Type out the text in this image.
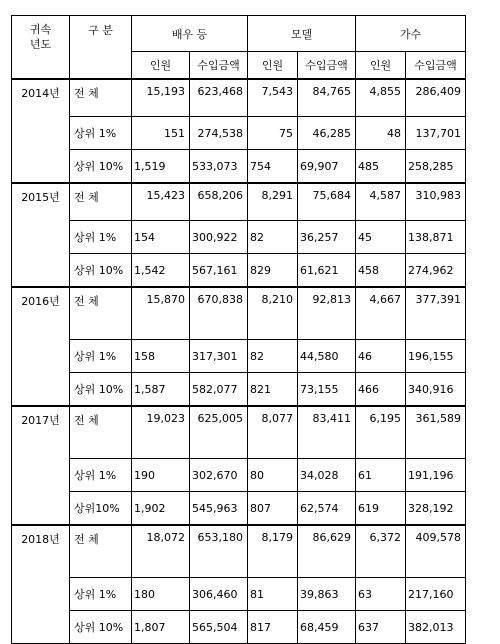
귀속
년도	구 분	배우 등		모델		가수	
		인원	수입금액	인원	수입금액	인원	수입금액
2014년	전 체	15,193	623,468	7,543	84,765	4,855	286,409
	상위 1%	151	274,538	75	46,285	48	137,701
	상위 10%	1,519	533,073	754	69,907	485	258,285
2015년	전 체	15,423	658,206	8,291	75,684	4,587	310,983
	상위 1%	154	300,922	82	36,257	45	138,871
	상위 10%	1,542	567,161	829	61,621	458	274,962
2016년	전 체	15,870	670,838	8,210	92,813	4,667	377,391
	상위 1%	158	317,301	82	44,580	46	196,155
	상위 10%	1,587	582,077	821	73,155	466	340,916
2017년	전 체	19,023	625,005	8,077	83,411	6,195	361,589
	상위 1%	190	302,670	80	34,028	61	191,196
	상위10%	1,902	545,963	807	62,574	619	328,192
2018년	전 체	18,072	653,180	8,179	86,629	6,372	409,578
	상위 1%	180	306,460	81	39,863	63	217,160
	상위 10%	1,807	565,504	817	68,459	637	382,013
